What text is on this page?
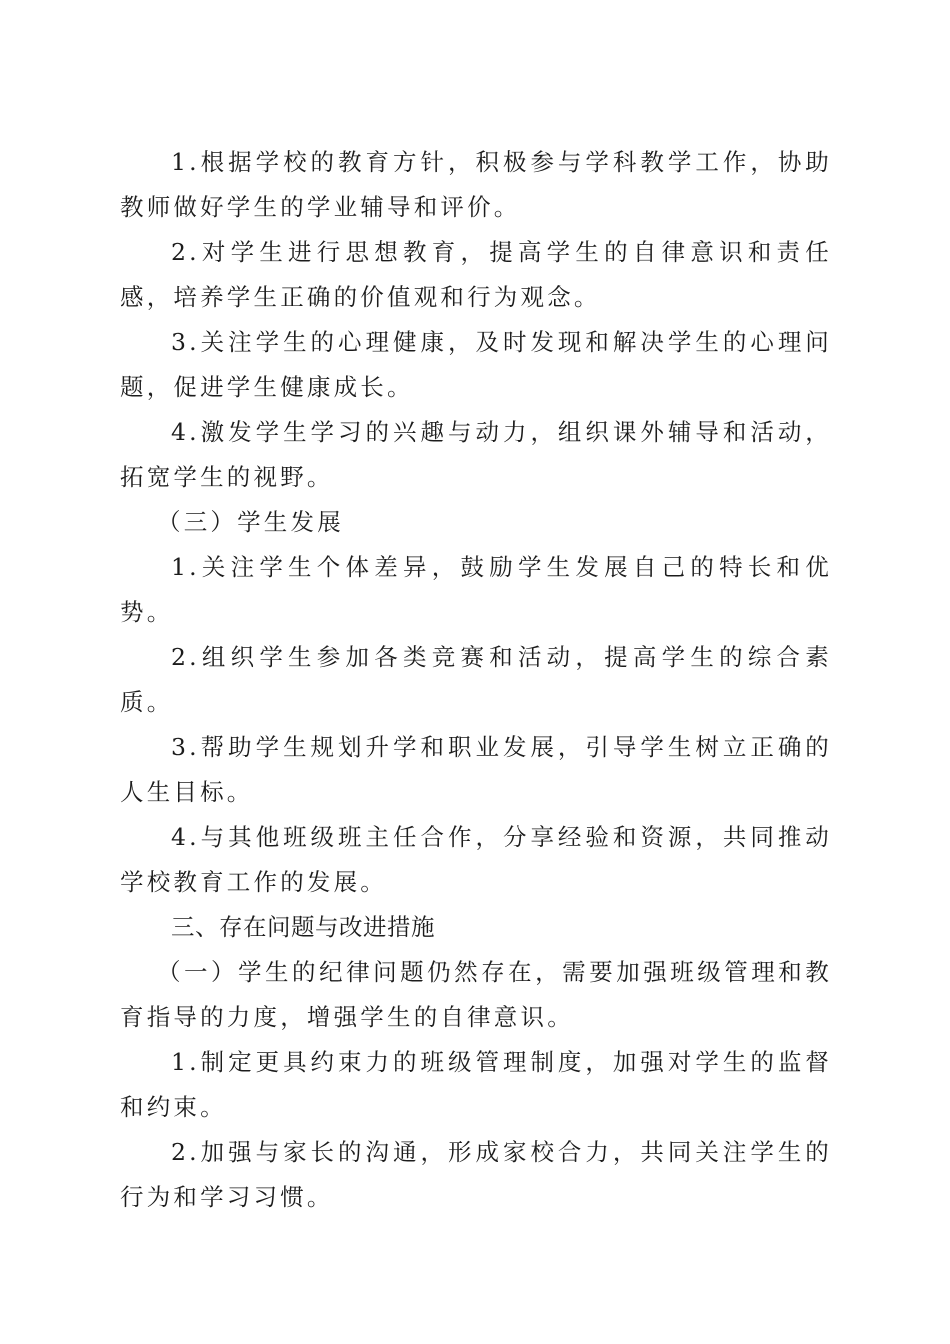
1.根据学校的教育方针，积极参与学科教学工作，协助教师做好学生的学业辅导和评价。

2.对学生进行思想教育，提高学生的自律意识和责任感，培养学生正确的价值观和行为观念。

3.关注学生的心理健康，及时发现和解决学生的心理问题，促进学生健康成长。

4.激发学生学习的兴趣与动力，组织课外辅导和活动，拓宽学生的视野。

（三）学生发展

1.关注学生个体差异，鼓励学生发展自己的特长和优势。

2.组织学生参加各类竞赛和活动，提高学生的综合素质。

3.帮助学生规划升学和职业发展，引导学生树立正确的人生目标。

4.与其他班级班主任合作，分享经验和资源，共同推动学校教育工作的发展。

三、存在问题与改进措施

（一）学生的纪律问题仍然存在，需要加强班级管理和教育指导的力度，增强学生的自律意识。

1.制定更具约束力的班级管理制度，加强对学生的监督和约束。

2.加强与家长的沟通，形成家校合力，共同关注学生的行为和学习习惯。
